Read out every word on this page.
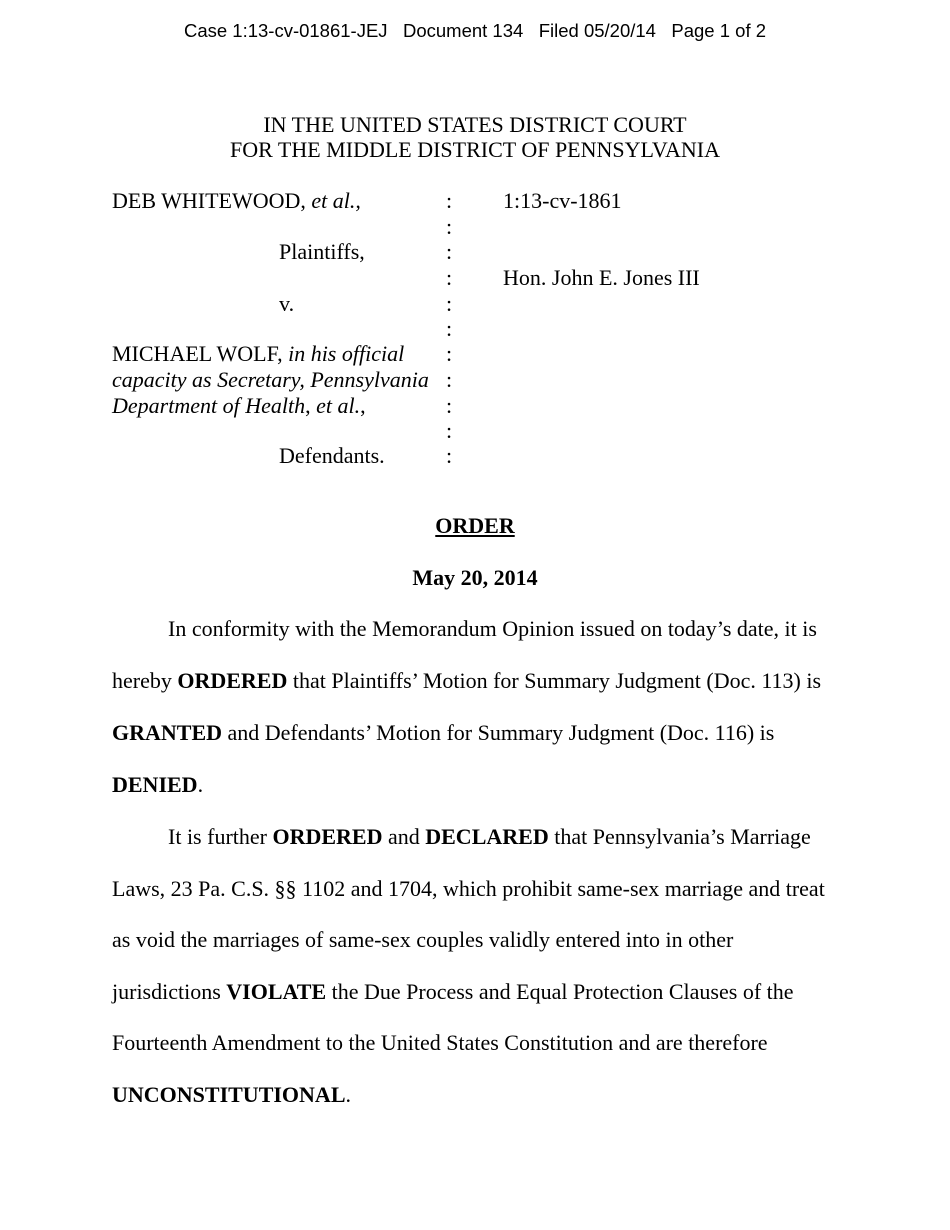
Case 1:13-cv-01861-JEJ   Document 134   Filed 05/20/14   Page 1 of 2
IN THE UNITED STATES DISTRICT COURT
FOR THE MIDDLE DISTRICT OF PENNSYLVANIA
DEB WHITEWOOD, et al.,
Plaintiffs,
v.
MICHAEL WOLF, in his official
capacity as Secretary, Pennsylvania
Department of Health, et al.,
Defendants.
:
:
:
:
:
:
:
:
:
:
:
1:13-cv-1861
Hon. John E. Jones III
ORDER
May 20, 2014
In conformity with the Memorandum Opinion issued on today’s date, it is
hereby ORDERED that Plaintiffs’ Motion for Summary Judgment (Doc. 113) is
GRANTED and Defendants’ Motion for Summary Judgment (Doc. 116) is
DENIED.
It is further ORDERED and DECLARED that Pennsylvania’s Marriage
Laws, 23 Pa. C.S. §§ 1102 and 1704, which prohibit same-sex marriage and treat
as void the marriages of same-sex couples validly entered into in other
jurisdictions VIOLATE the Due Process and Equal Protection Clauses of the
Fourteenth Amendment to the United States Constitution and are therefore
UNCONSTITUTIONAL.
